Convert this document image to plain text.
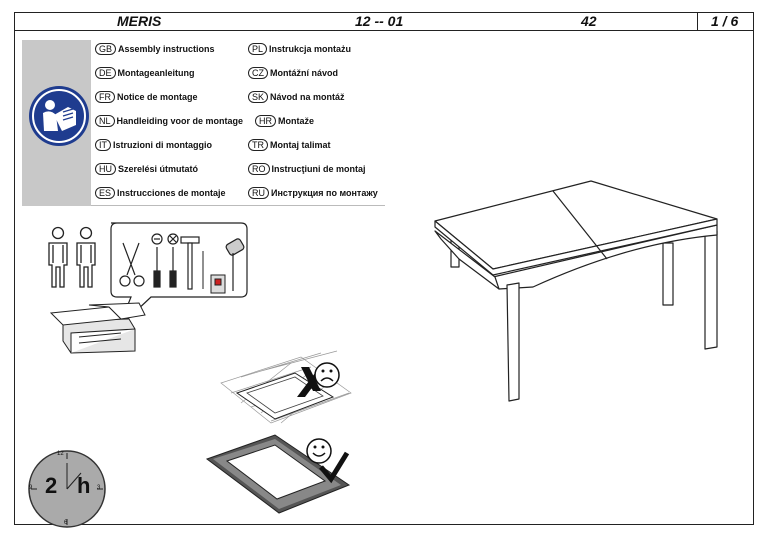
MERIS	12 -- 01	42	1 / 6
GB Assembly instructions
DE Montageanleitung
FR Notice de montage
NL Handleiding voor de montage
IT Istruzioni di montaggio
HU Szerelési útmutató
ES Instrucciones de montaje
PL Instrukcja montażu
CZ Montážní návod
SK Návod na montáž
HR Montaže
TR Montaj talimat
RO Instrucţiuni de montaj
RU Инструкция по монтажу
12
3
6
9 2 h
